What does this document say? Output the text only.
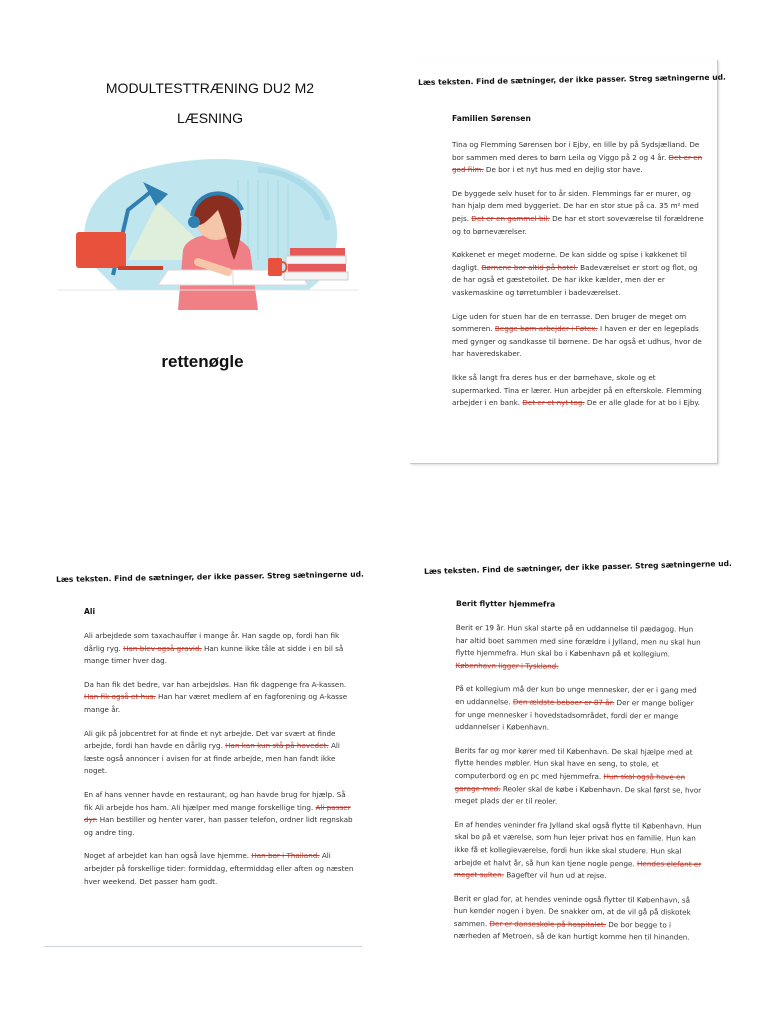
MODULTESTTRÆNING DU2 M2
LÆSNING
rettenøgle
Læs teksten. Find de sætninger, der ikke passer. Streg sætningerne ud.
Familien Sørensen

Tina og Flemming Sørensen bor i Ejby, en lille by på Sydsjælland. De bor sammen med deres to børn Leila og Viggo på 2 og 4 år. Det er en god film. De bor i et nyt hus med en dejlig stor have.

De byggede selv huset for to år siden. Flemmings far er murer, og han hjalp dem med byggeriet. De har en stor stue på ca. 35 m² med pejs. Det er en gammel bil. De har et stort soveværelse til forældrene og to børneværelser.

Køkkenet er meget moderne. De kan sidde og spise i køkkenet til dagligt. Børnene bor altid på hotel. Badeværelset er stort og flot, og de har også et gæstetoilet. De har ikke kælder, men der er vaskemaskine og tørretumbler i badeværelset.

Lige uden for stuen har de en terrasse. Den bruger de meget om sommeren. Begge børn arbejder i Føtex. I haven er der en legeplads med gynger og sandkasse til børnene. De har også et udhus, hvor de har haveredskaber.

Ikke så langt fra deres hus er der børnehave, skole og et supermarked. Tina er lærer. Hun arbejder på en efterskole. Flemming arbejder i en bank. Det er et nyt tog. De er alle glade for at bo i Ejby.

Læs teksten. Find de sætninger, der ikke passer. Streg sætningerne ud.
Ali

Ali arbejdede som taxachauffør i mange år. Han sagde op, fordi han fik dårlig ryg. Han blev også gravid. Han kunne ikke tåle at sidde i en bil så mange timer hver dag.

Da han fik det bedre, var han arbejdsløs. Han fik dagpenge fra A-kassen. Han fik også et hus. Han har været medlem af en fagforening og A-kasse mange år.

Ali gik på jobcentret for at finde et nyt arbejde. Det var svært at finde arbejde, fordi han havde en dårlig ryg. Han kan kun stå på hovedet. Ali læste også annoncer i avisen for at finde arbejde, men han fandt ikke noget.

En af hans venner havde en restaurant, og han havde brug for hjælp. Så fik Ali arbejde hos ham. Ali hjælper med mange forskellige ting. Ali passer dyr. Han bestiller og henter varer, han passer telefon, ordner lidt regnskab og andre ting.

Noget af arbejdet kan han også lave hjemme. Han bor i Thailand. Ali arbejder på forskellige tider: formiddag, eftermiddag eller aften og næsten hver weekend. Det passer ham godt.

Læs teksten. Find de sætninger, der ikke passer. Streg sætningerne ud.
Berit flytter hjemmefra

Berit er 19 år. Hun skal starte på en uddannelse til pædagog. Hun har altid boet sammen med sine forældre i Jylland, men nu skal hun flytte hjemmefra. Hun skal bo i København på et kollegium. København ligger i Tyskland.

På et kollegium må der kun bo unge mennesker, der er i gang med en uddannelse. Den ældste beboer er 87 år. Der er mange boliger for unge mennesker i hovedstadsområdet, fordi der er mange uddannelser i København.

Berits far og mor kører med til København. De skal hjælpe med at flytte hendes møbler. Hun skal have en seng, to stole, et computerbord og en pc med hjemmefra. Hun skal også have en garage med. Reoler skal de købe i København. De skal først se, hvor meget plads der er til reoler.

En af hendes veninder fra Jylland skal også flytte til København. Hun skal bo på et værelse, som hun lejer privat hos en familie. Hun kan ikke få et kollegieværelse, fordi hun ikke skal studere. Hun skal arbejde et halvt år, så hun kan tjene nogle penge. Hendes elefant er meget sulten. Bagefter vil hun ud at rejse.

Berit er glad for, at hendes veninde også flytter til København, så hun kender nogen i byen. De snakker om, at de vil gå på diskotek sammen. Der er danseskole på hospitalet. De bor begge to i nærheden af Metroen, så de kan hurtigt komme hen til hinanden.
